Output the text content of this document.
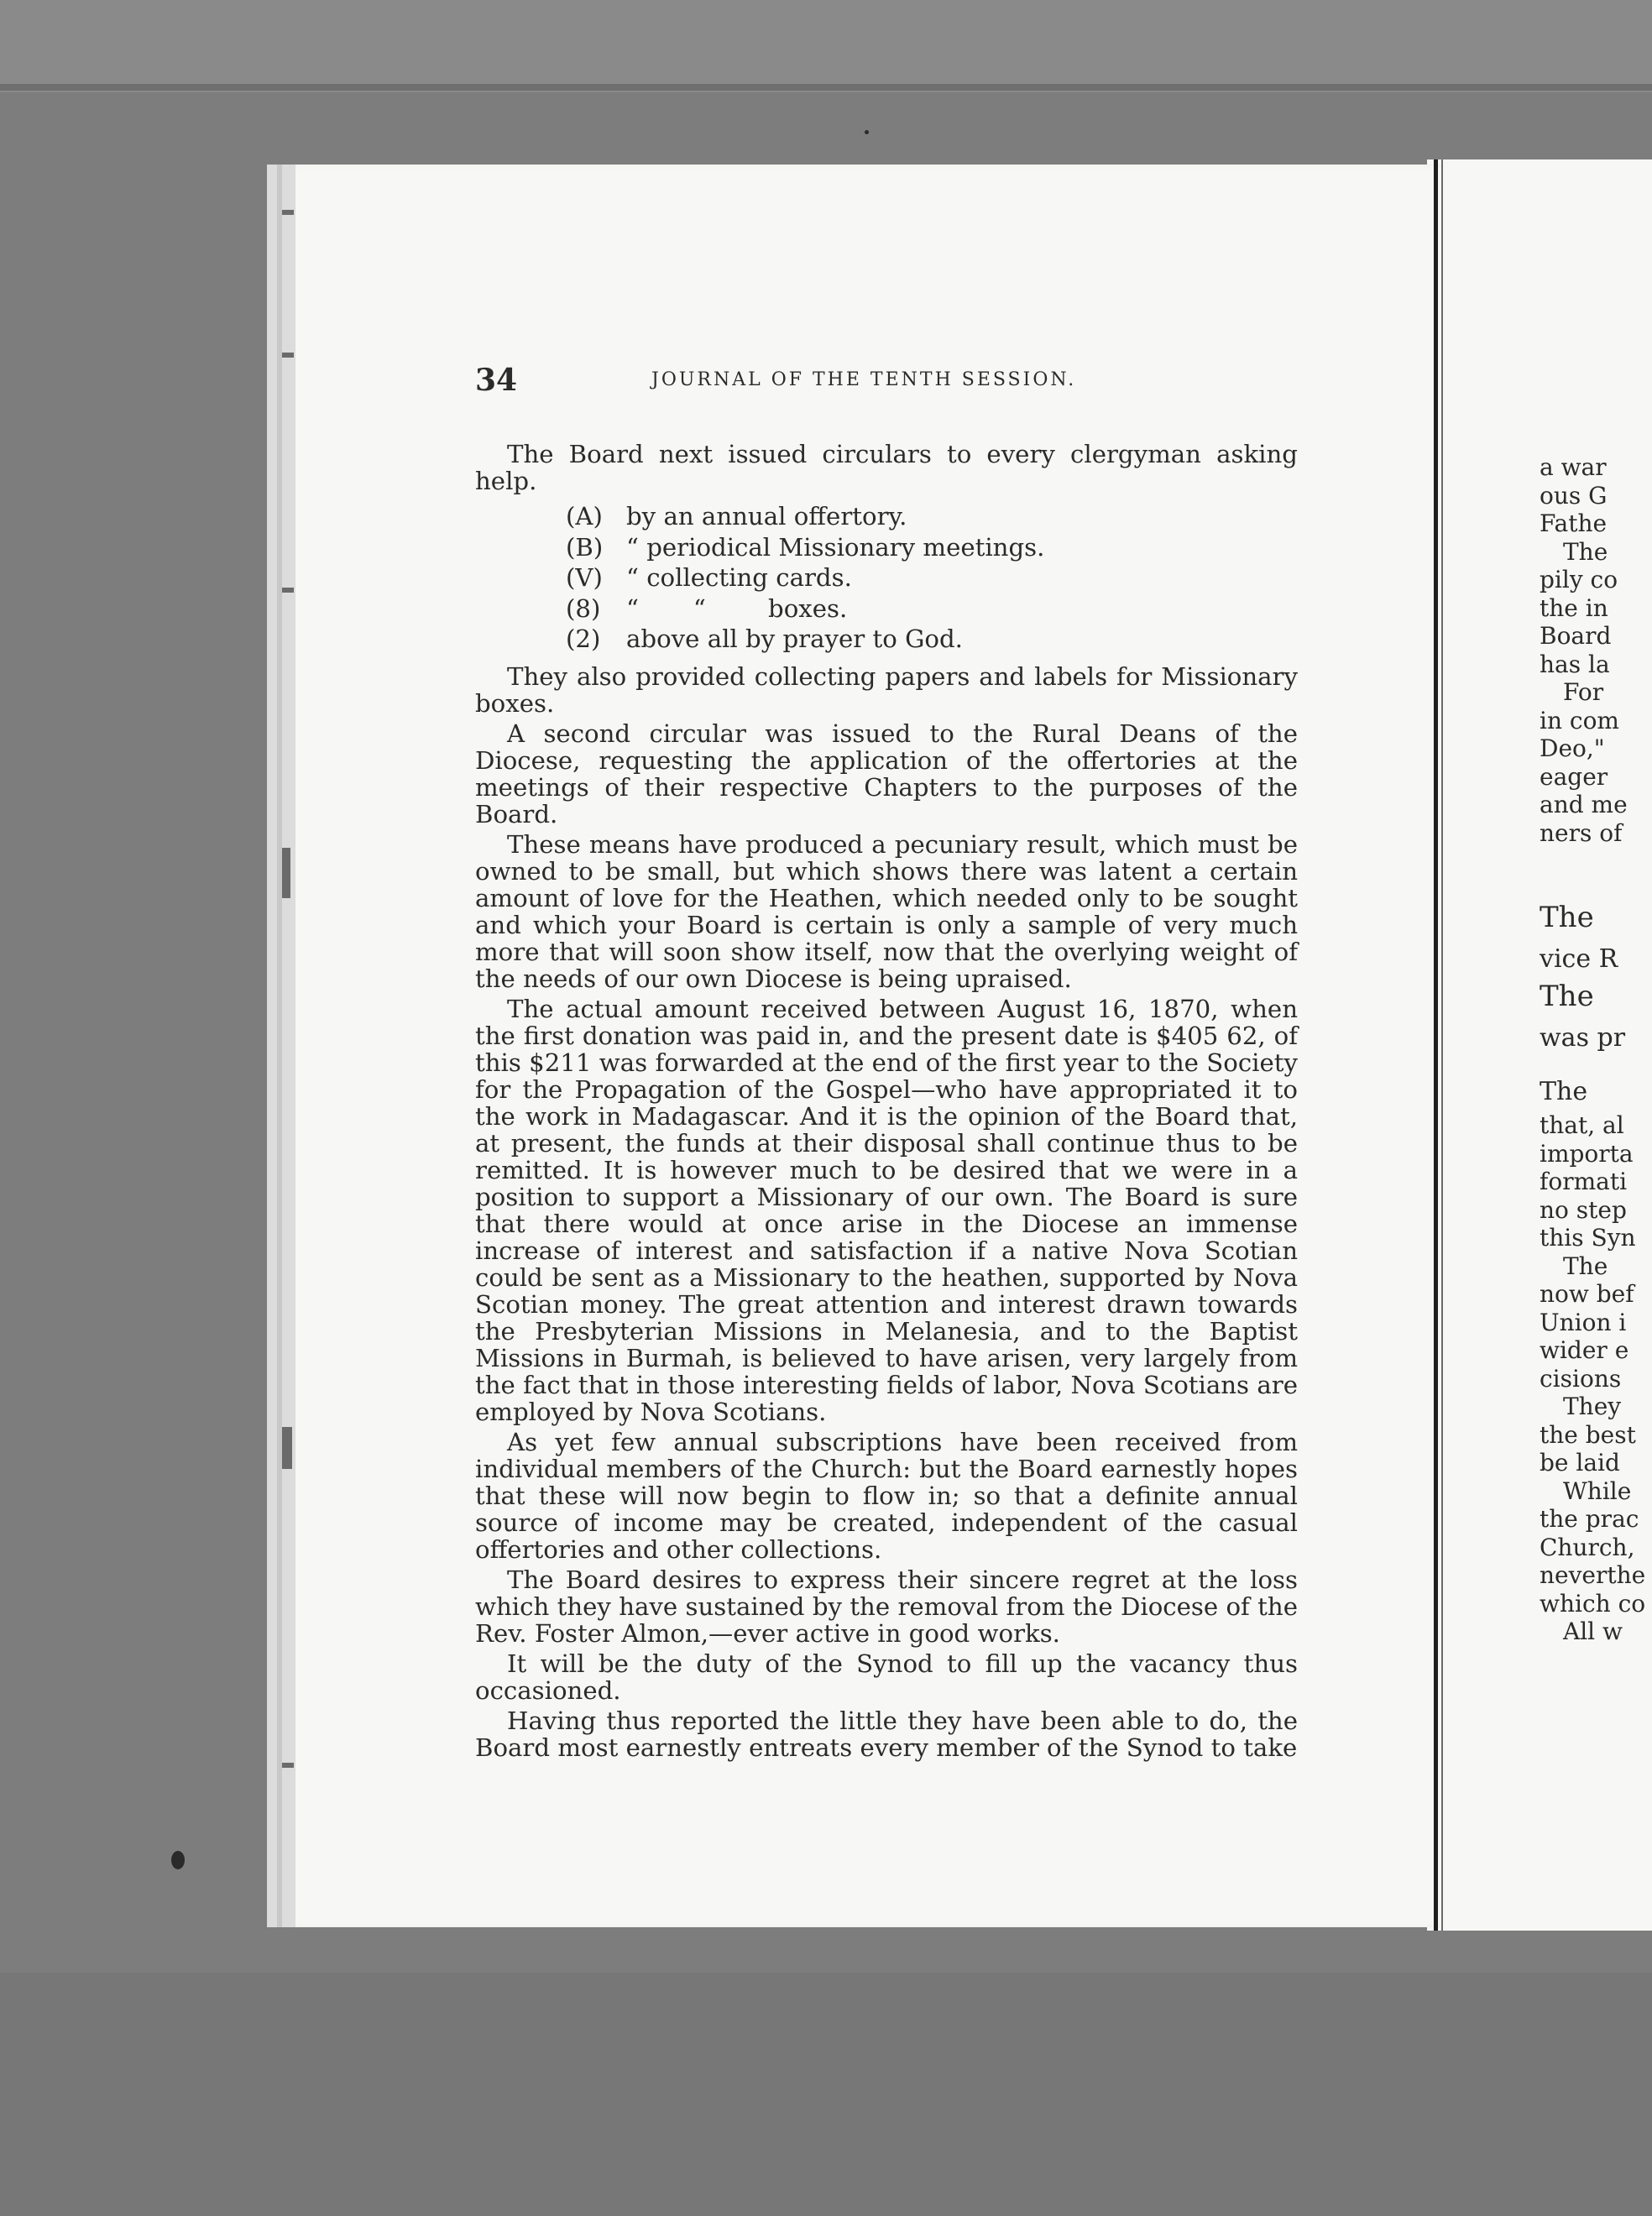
34	JOURNAL OF THE TENTH SESSION.

The Board next issued circulars to every clergyman asking help.

(A) by an annual offertory.
(B) “ periodical Missionary meetings.
(V) “ collecting cards.
(8) “       “        boxes.
(2) above all by prayer to God.

They also provided collecting papers and labels for Missionary boxes.

A second circular was issued to the Rural Deans of the Diocese, requesting the application of the offertories at the meetings of their respective Chapters to the purposes of the Board.

These means have produced a pecuniary result, which must be owned to be small, but which shows there was latent a certain amount of love for the Heathen, which needed only to be sought and which your Board is certain is only a sample of very much more that will soon show itself, now that the overlying weight of the needs of our own Diocese is being upraised.

The actual amount received between August 16, 1870, when the first donation was paid in, and the present date is $405 62, of this $211 was forwarded at the end of the first year to the Society for the Propagation of the Gospel—who have appropriated it to the work in Madagascar. And it is the opinion of the Board that, at present, the funds at their disposal shall continue thus to be remitted. It is however much to be desired that we were in a position to support a Missionary of our own. The Board is sure that there would at once arise in the Diocese an immense increase of interest and satisfaction if a native Nova Scotian could be sent as a Missionary to the heathen, supported by Nova Scotian money. The great attention and interest drawn towards the Presbyterian Missions in Melanesia, and to the Baptist Missions in Burmah, is believed to have arisen, very largely from the fact that in those interesting fields of labor, Nova Scotians are employed by Nova Scotians.

As yet few annual subscriptions have been received from individual members of the Church: but the Board earnestly hopes that these will now begin to flow in; so that a definite annual source of income may be created, independent of the casual offertories and other collections.

The Board desires to express their sincere regret at the loss which they have sustained by the removal from the Diocese of the Rev. Foster Almon,—ever active in good works.

It will be the duty of the Synod to fill up the vacancy thus occasioned.

Having thus reported the little they have been able to do, the Board most earnestly entreats every member of the Synod to take

a war
ous G
Fathe
The
pily co
the in
Board
has la
For
in com
Deo,"
eager
and me
ners of
The
vice R
The
was pr
The
that, al
importa
formati
no step
this Syn
The
now bef
Union i
wider e
cisions
They
the best
be laid
While
the prac
Church,
neverthe
which co
All w
